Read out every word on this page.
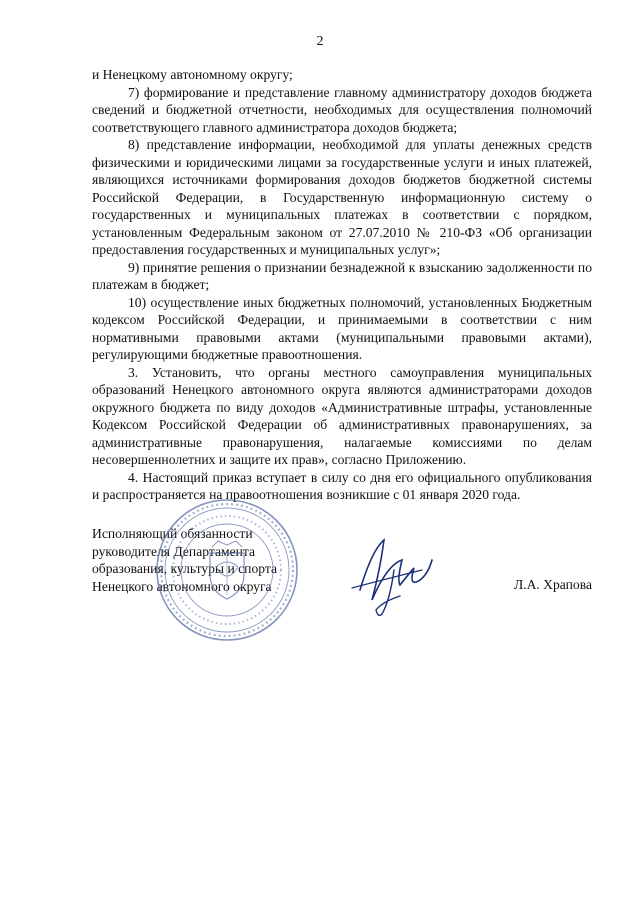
2

и Ненецкому автономному округу;

7) формирование и представление главному администратору доходов бюджета сведений и бюджетной отчетности, необходимых для осуществления полномочий соответствующего главного администратора доходов бюджета;

8) представление информации, необходимой для уплаты денежных средств физическими и юридическими лицами за государственные услуги и иных платежей, являющихся источниками формирования доходов бюджетов бюджетной системы Российской Федерации, в Государственную информационную систему о государственных и муниципальных платежах в соответствии с порядком, установленным Федеральным законом от 27.07.2010 № 210-ФЗ «Об организации предоставления государственных и муниципальных услуг»;

9) принятие решения о признании безнадежной к взысканию задолженности по платежам в бюджет;

10) осуществление иных бюджетных полномочий, установленных Бюджетным кодексом Российской Федерации, и принимаемыми в соответствии с ним нормативными правовыми актами (муниципальными правовыми актами), регулирующими бюджетные правоотношения.

3. Установить, что органы местного самоуправления муниципальных образований Ненецкого автономного округа являются администраторами доходов окружного бюджета по виду доходов «Административные штрафы, установленные Кодексом Российской Федерации об административных правонарушениях, за административные правонарушения, налагаемые комиссиями по делам несовершеннолетних и защите их прав», согласно Приложению.

4. Настоящий приказ вступает в силу со дня его официального опубликования и распространяется на правоотношения возникшие с 01 января 2020 года.

Исполняющий обязанности
руководителя Департамента
образования, культуры и спорта
Ненецкого автономного округа	Л.А. Храпова
